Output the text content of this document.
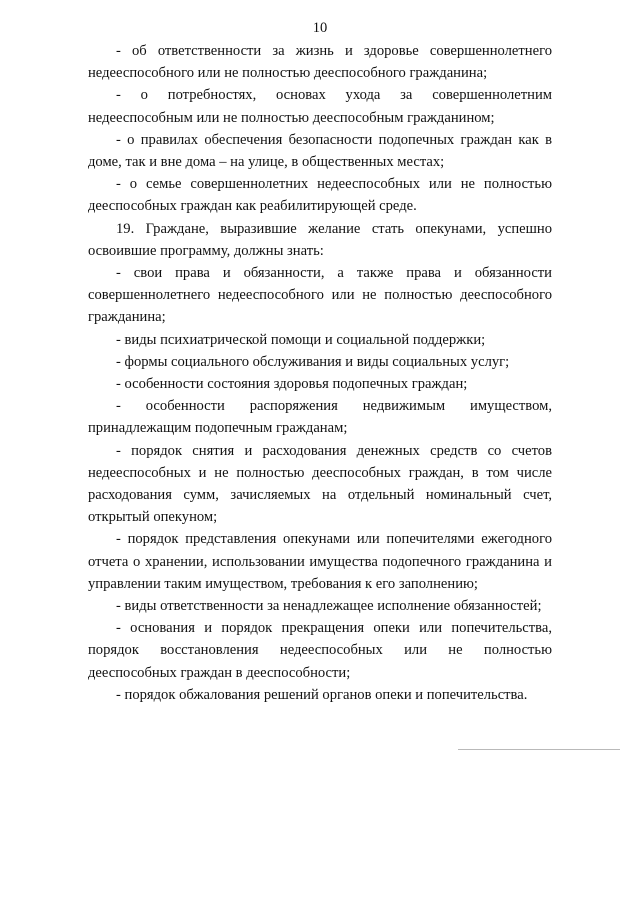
10

- об ответственности за жизнь и здоровье совершеннолетнего недееспособного или не полностью дееспособного гражданина;

- о потребностях, основах ухода за совершеннолетним недееспособным или не полностью дееспособным гражданином;

- о правилах обеспечения безопасности подопечных граждан как в доме, так и вне дома – на улице, в общественных местах;

- о семье совершеннолетних недееспособных или не полностью дееспособных граждан как реабилитирующей среде.

19. Граждане, выразившие желание стать опекунами, успешно освоившие программу, должны знать:

- свои права и обязанности, а также права и обязанности совершеннолетнего недееспособного или не полностью дееспособного гражданина;

- виды психиатрической помощи и социальной поддержки;

- формы социального обслуживания и виды социальных услуг;

- особенности состояния здоровья подопечных граждан;

- особенности распоряжения недвижимым имуществом, принадлежащим подопечным гражданам;

- порядок снятия и расходования денежных средств со счетов недееспособных и не полностью дееспособных граждан, в том числе расходования сумм, зачисляемых на отдельный номинальный счет, открытый опекуном;

- порядок представления опекунами или попечителями ежегодного отчета о хранении, использовании имущества подопечного гражданина и управлении таким имуществом, требования к его заполнению;

- виды ответственности за ненадлежащее исполнение обязанностей;

- основания и порядок прекращения опеки или попечительства, порядок восстановления недееспособных или не полностью дееспособных граждан в дееспособности;

- порядок обжалования решений органов опеки и попечительства.
